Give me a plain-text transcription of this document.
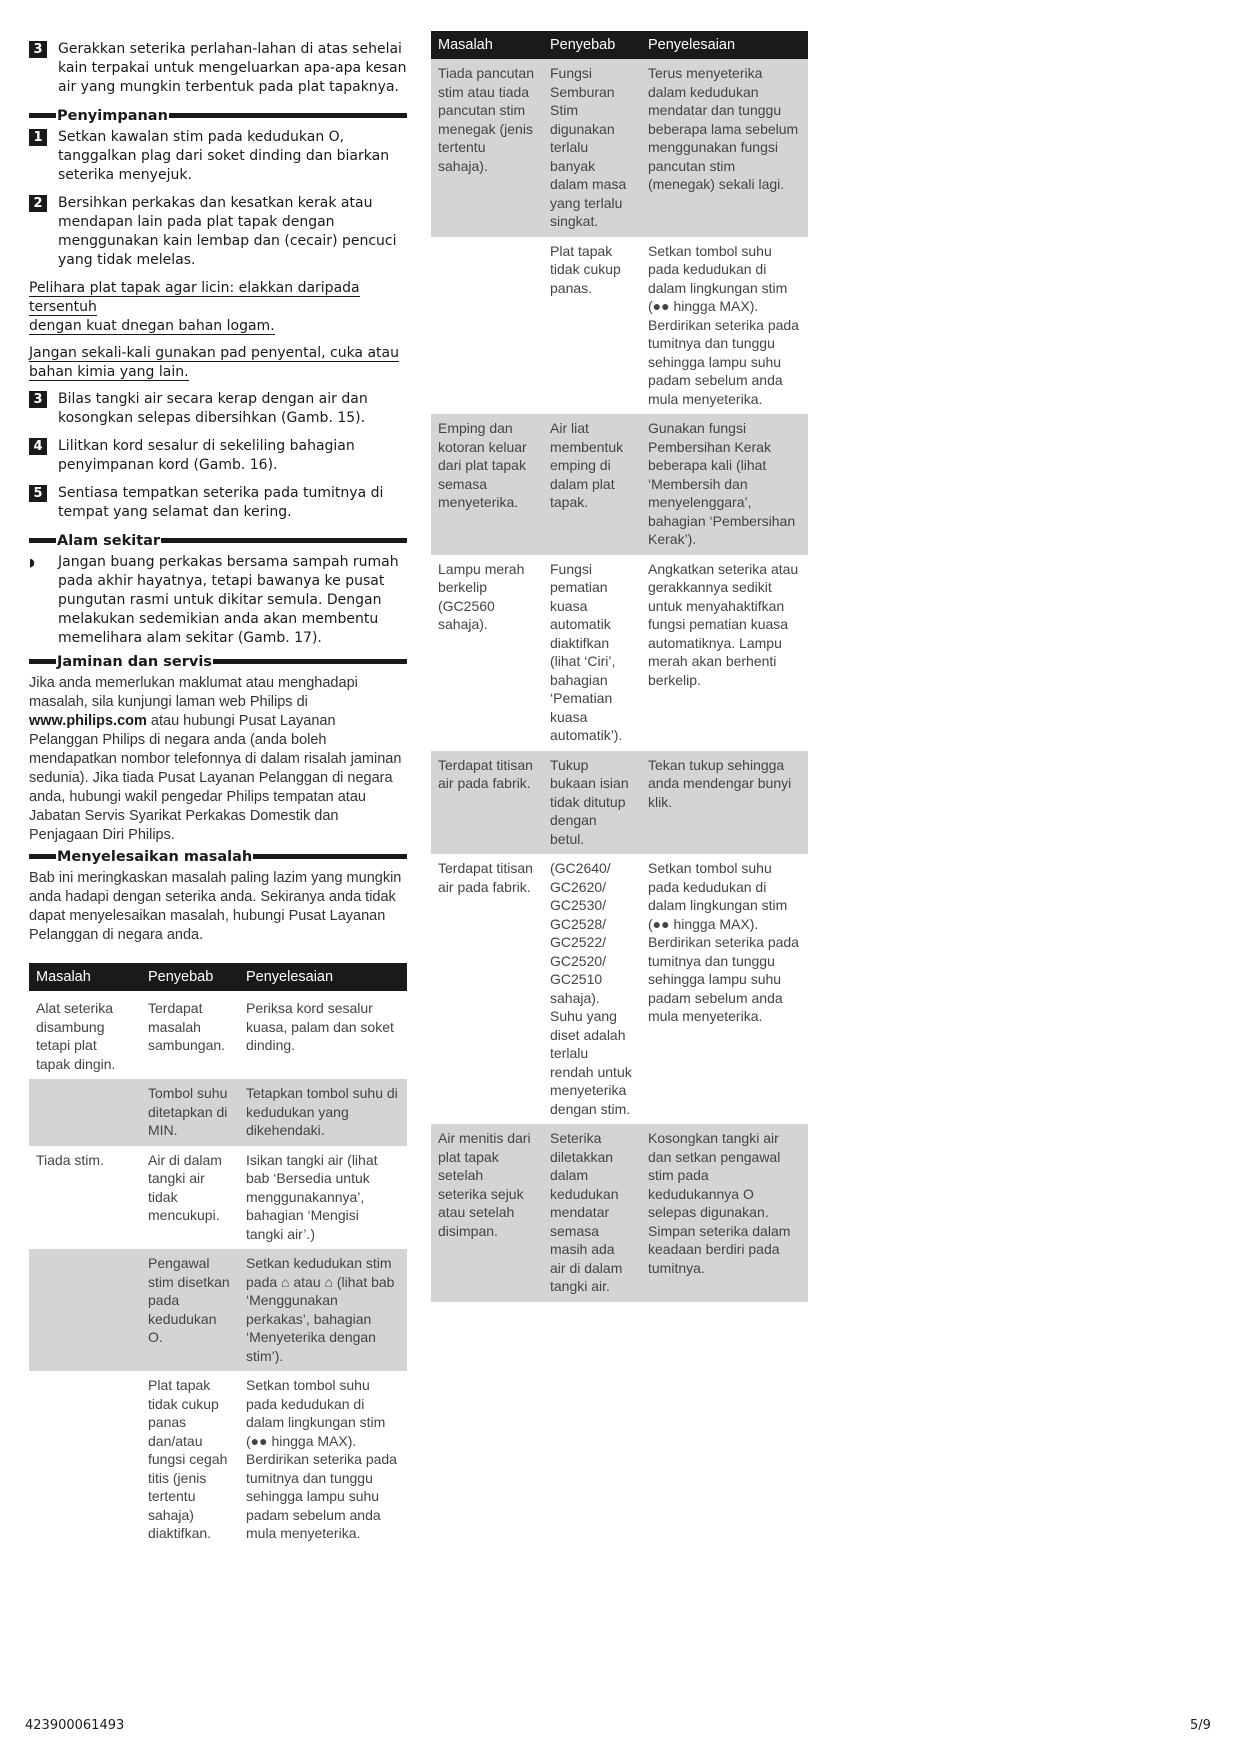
3	Gerakkan seterika perlahan-lahan di atas sehelai kain terpakai untuk mengeluarkan apa-apa kesan air yang mungkin terbentuk pada plat tapaknya.
Penyimpanan
1	Setkan kawalan stim pada kedudukan O, tanggalkan plag dari soket dinding dan biarkan seterika menyejuk.
2	Bersihkan perkakas dan kesatkan kerak atau mendapan lain pada plat tapak dengan menggunakan kain lembap dan (cecair) pencuci yang tidak melelas.
Pelihara plat tapak agar licin: elakkan daripada tersentuh
dengan kuat dnegan bahan logam.
Jangan sekali-kali gunakan pad penyental, cuka atau
bahan kimia yang lain.
3	Bilas tangki air secara kerap dengan air dan kosongkan selepas dibersihkan (Gamb. 15).
4	Lilitkan kord sesalur di sekeliling bahagian penyimpanan kord (Gamb. 16).
5	Sentiasa tempatkan seterika pada tumitnya di tempat yang selamat dan kering.
Alam sekitar
◗	Jangan buang perkakas bersama sampah rumah pada akhir hayatnya, tetapi bawanya ke pusat pungutan rasmi untuk dikitar semula. Dengan melakukan sedemikian anda akan membentu memelihara alam sekitar (Gamb. 17).
Jaminan dan servis
Jika anda memerlukan maklumat atau menghadapi masalah, sila kunjungi laman web Philips di www.philips.com atau hubungi Pusat Layanan Pelanggan Philips di negara anda (anda boleh mendapatkan nombor telefonnya di dalam risalah jaminan sedunia). Jika tiada Pusat Layanan Pelanggan di negara anda, hubungi wakil pengedar Philips tempatan atau Jabatan Servis Syarikat Perkakas Domestik dan Penjagaan Diri Philips.
Menyelesaikan masalah
Bab ini meringkaskan masalah paling lazim yang mungkin anda hadapi dengan seterika anda. Sekiranya anda tidak dapat menyelesaikan masalah, hubungi Pusat Layanan Pelanggan di negara anda.
Masalah	Penyebab	Penyelesaian
Alat seterika disambung tetapi plat tapak dingin.	Terdapat masalah sambungan.	Periksa kord sesalur kuasa, palam dan soket dinding.
	Tombol suhu ditetapkan di MIN.	Tetapkan tombol suhu di kedudukan yang dikehendaki.
Tiada stim.	Air di dalam tangki air tidak mencukupi.	Isikan tangki air (lihat bab ‘Bersedia untuk menggunakannya’, bahagian ‘Mengisi tangki air’.)
	Pengawal stim disetkan pada kedudukan O.	Setkan kedudukan stim pada ⌂ atau ⌂ (lihat bab ‘Menggunakan perkakas’, bahagian ‘Menyeterika dengan stim’).
	Plat tapak tidak cukup panas dan/atau fungsi cegah titis (jenis tertentu sahaja) diaktifkan.	Setkan tombol suhu pada kedudukan di dalam lingkungan stim (●● hingga MAX). Berdirikan seterika pada tumitnya dan tunggu sehingga lampu suhu padam sebelum anda mula menyeterika.
Masalah	Penyebab	Penyelesaian
Tiada pancutan stim atau tiada pancutan stim menegak (jenis tertentu sahaja).	Fungsi Semburan Stim digunakan terlalu banyak dalam masa yang terlalu singkat.	Terus menyeterika dalam kedudukan mendatar dan tunggu beberapa lama sebelum menggunakan fungsi pancutan stim (menegak) sekali lagi.
	Plat tapak tidak cukup panas.	Setkan tombol suhu pada kedudukan di dalam lingkungan stim (●● hingga MAX). Berdirikan seterika pada tumitnya dan tunggu sehingga lampu suhu padam sebelum anda mula menyeterika.
Emping dan kotoran keluar dari plat tapak semasa menyeterika.	Air liat membentuk emping di dalam plat tapak.	Gunakan fungsi Pembersihan Kerak beberapa kali (lihat ‘Membersih dan menyelenggara’, bahagian ‘Pembersihan Kerak’).
Lampu merah berkelip (GC2560 sahaja).	Fungsi pematian kuasa automatik diaktifkan (lihat ‘Ciri’, bahagian ‘Pematian kuasa automatik’).	Angkatkan seterika atau gerakkannya sedikit untuk menyahaktifkan fungsi pematian kuasa automatiknya. Lampu merah akan berhenti berkelip.
Terdapat titisan air pada fabrik.	Tukup bukaan isian tidak ditutup dengan betul.	Tekan tukup sehingga anda mendengar bunyi klik.
Terdapat titisan air pada fabrik.	(GC2640/ GC2620/ GC2530/ GC2528/ GC2522/ GC2520/ GC2510 sahaja). Suhu yang diset adalah terlalu rendah untuk menyeterika dengan stim.	Setkan tombol suhu pada kedudukan di dalam lingkungan stim (●● hingga MAX). Berdirikan seterika pada tumitnya dan tunggu sehingga lampu suhu padam sebelum anda mula menyeterika.
Air menitis dari plat tapak setelah seterika sejuk atau setelah disimpan.	Seterika diletakkan dalam kedudukan mendatar semasa masih ada air di dalam tangki air.	Kosongkan tangki air dan setkan pengawal stim pada kedudukannya O selepas digunakan. Simpan seterika dalam keadaan berdiri pada tumitnya.
423900061493	5/9
